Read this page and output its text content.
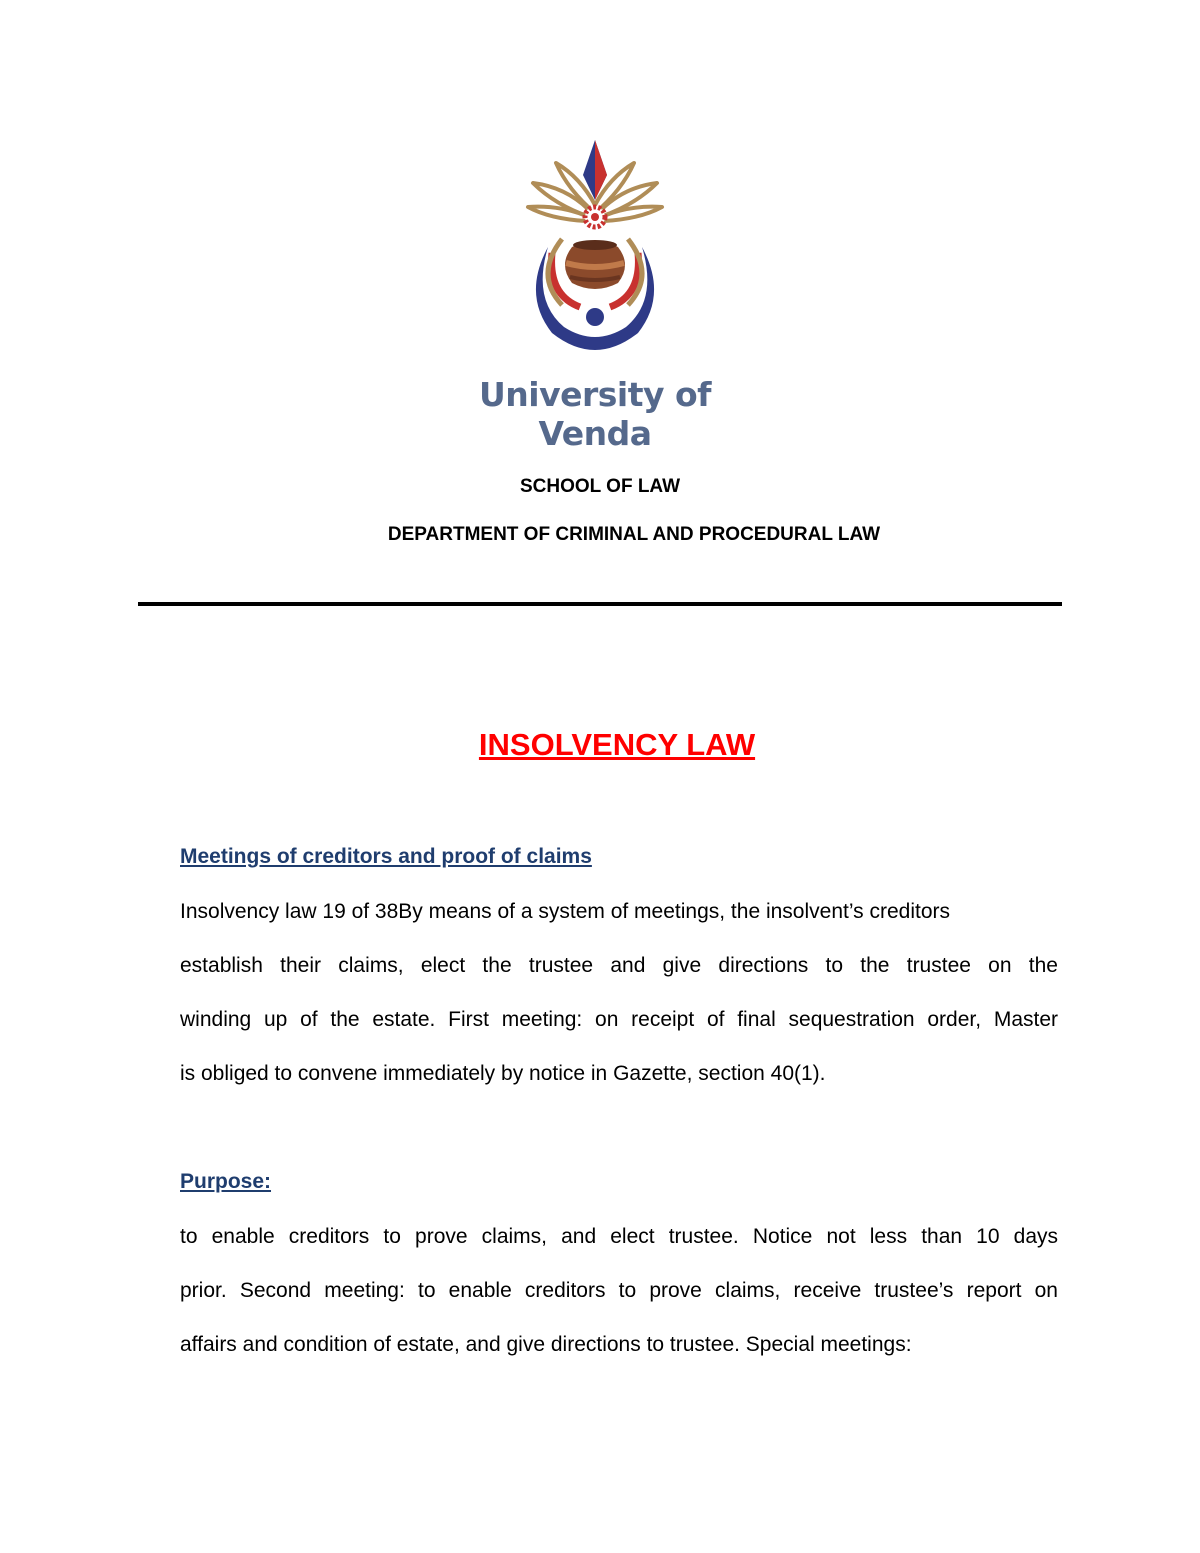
University of Venda
SCHOOL OF LAW
DEPARTMENT OF CRIMINAL AND PROCEDURAL LAW
INSOLVENCY LAW
Meetings of creditors and proof of claims
Insolvency law 19 of 38By means of a system of meetings, the insolvent’s creditors
establish their claims, elect the trustee and give directions to the trustee on the
winding up of the estate. First meeting: on receipt of final sequestration order, Master
is obliged to convene immediately by notice in Gazette, section 40(1).
Purpose:
to enable creditors to prove claims, and elect trustee. Notice not less than 10 days
prior. Second meeting: to enable creditors to prove claims, receive trustee’s report on
affairs and condition of estate, and give directions to trustee. Special meetings:
